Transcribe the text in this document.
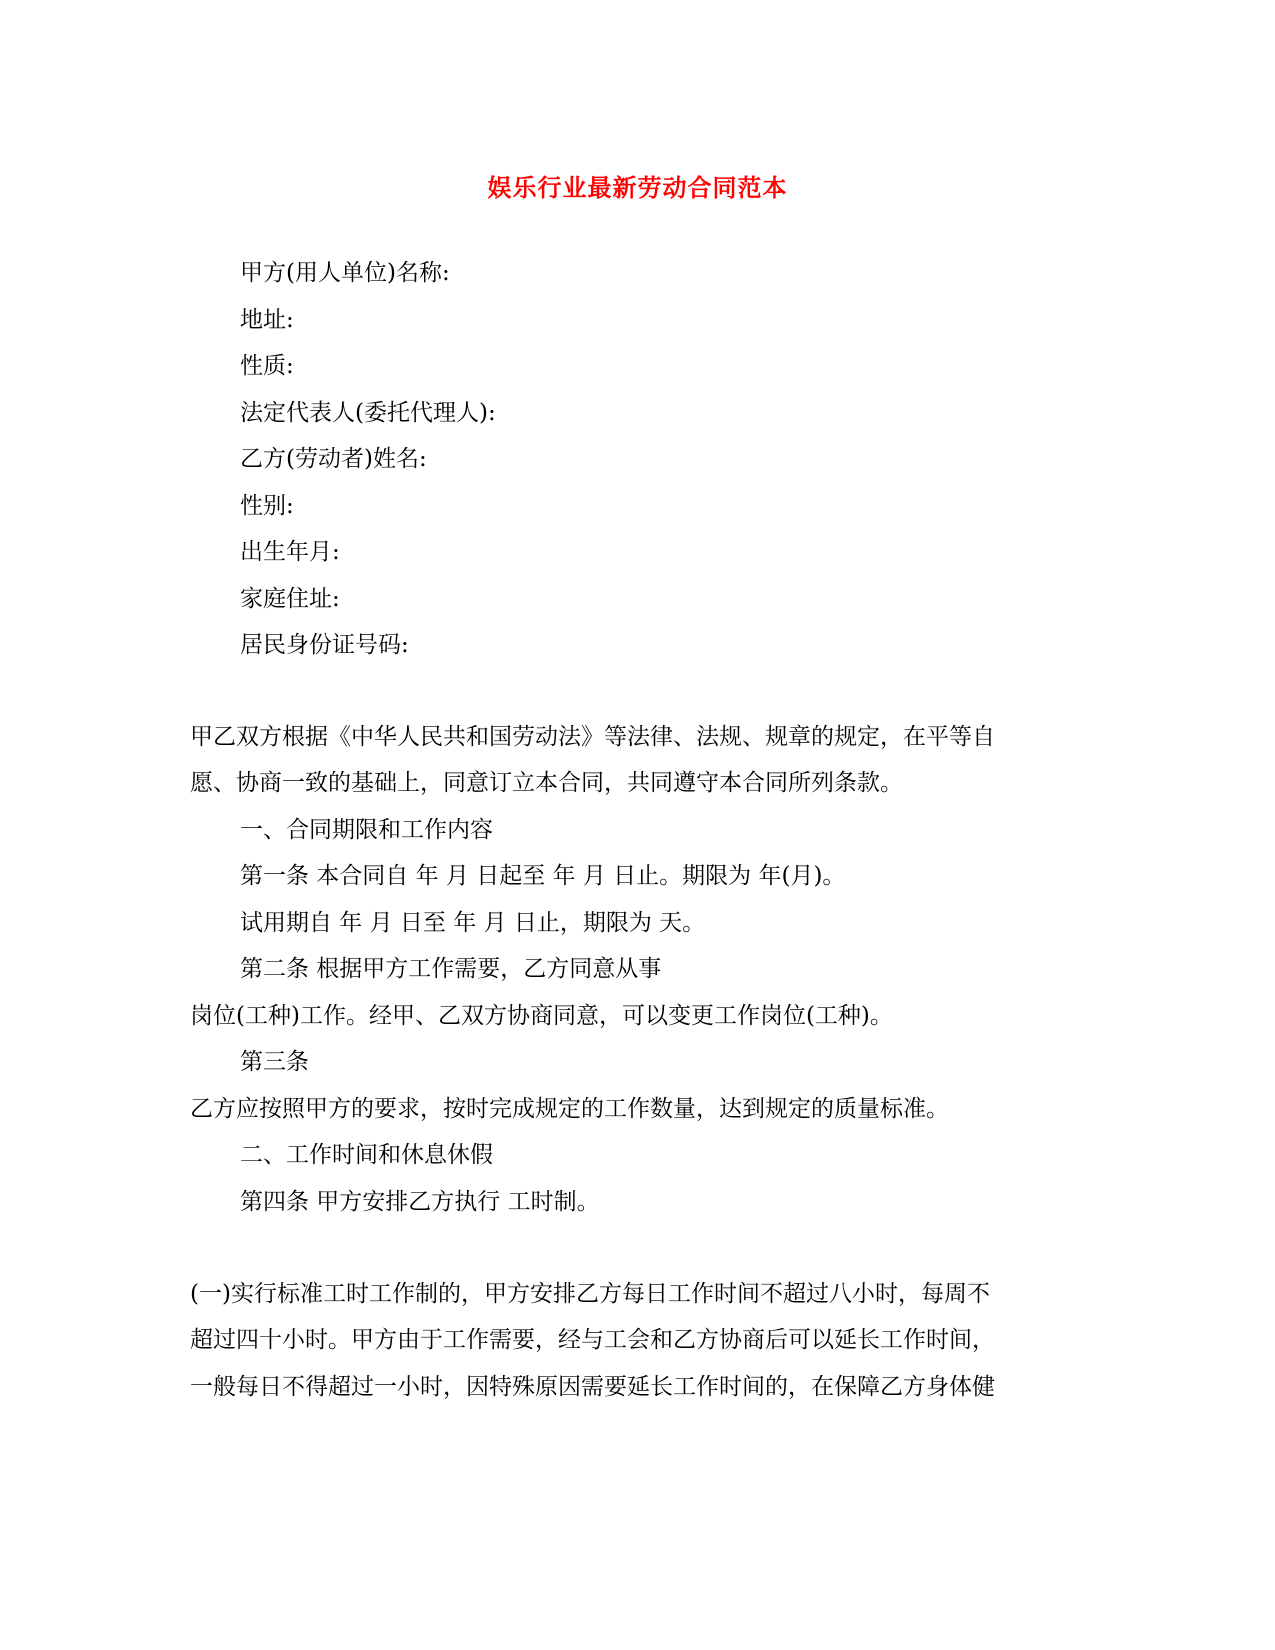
娱乐行业最新劳动合同范本
甲方(用人单位)名称:
地址:
性质:
法定代表人(委托代理人):
乙方(劳动者)姓名:
性别:
出生年月:
家庭住址:
居民身份证号码:
甲乙双方根据《中华人民共和国劳动法》等法律、法规、规章的规定，在平等自
愿、协商一致的基础上，同意订立本合同，共同遵守本合同所列条款。
一、合同期限和工作内容
第一条 本合同自 年 月 日起至 年 月 日止。期限为 年(月)。
试用期自 年 月 日至 年 月 日止，期限为 天。
第二条 根据甲方工作需要，乙方同意从事
岗位(工种)工作。经甲、乙双方协商同意，可以变更工作岗位(工种)。
第三条
乙方应按照甲方的要求，按时完成规定的工作数量，达到规定的质量标准。
二、工作时间和休息休假
第四条 甲方安排乙方执行 工时制。
(一)实行标准工时工作制的，甲方安排乙方每日工作时间不超过八小时，每周不
超过四十小时。甲方由于工作需要，经与工会和乙方协商后可以延长工作时间，
一般每日不得超过一小时，因特殊原因需要延长工作时间的，在保障乙方身体健
